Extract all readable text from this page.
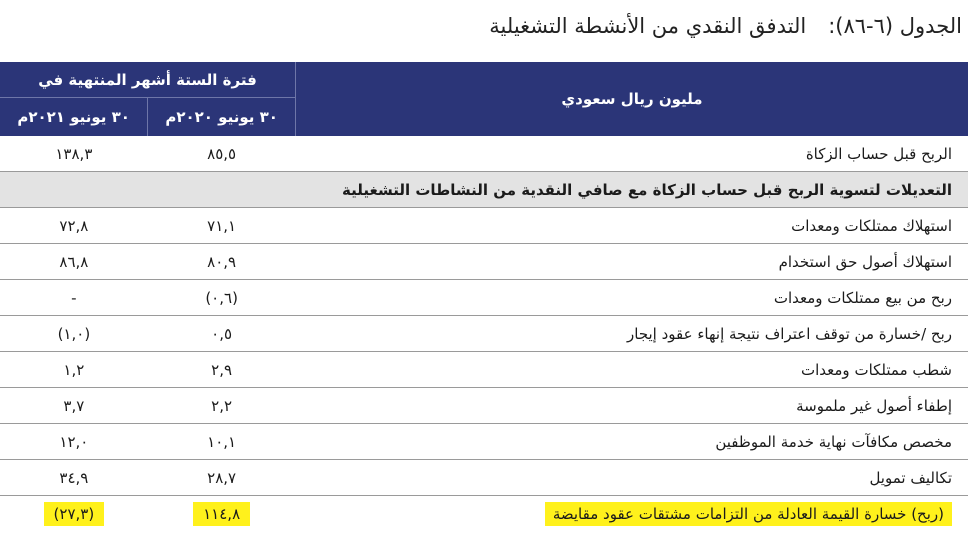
الجدول (٦-٨٦):التدفق النقدي من الأنشطة التشغيلية
مليون ريال سعودي	فترة الستة أشهر المنتهية في	
	٣٠ يونيو ٢٠٢٠م	٣٠ يونيو ٢٠٢١م
الربح قبل حساب الزكاة	٨٥,٥	١٣٨,٣
التعديلات لتسوية الربح قبل حساب الزكاة مع صافي النقدية من النشاطات التشغيلية		
استهلاك ممتلكات ومعدات	٧١,١	٧٢,٨
استهلاك أصول حق استخدام	٨٠,٩	٨٦,٨
ربح من بيع ممتلكات ومعدات	(٠,٦)	-
ربح /خسارة من توقف اعتراف نتيجة إنهاء عقود إيجار	٠,٥	(١,٠)
شطب ممتلكات ومعدات	٢,٩	١,٢
إطفاء أصول غير ملموسة	٢,٢	٣,٧
مخصص مكافآت نهاية خدمة الموظفين	١٠,١	١٢,٠
تكاليف تمويل	٢٨,٧	٣٤,٩
(ربح) خسارة القيمة العادلة من التزامات مشتقات عقود مقايضة	١١٤,٨	(٢٧,٣)
